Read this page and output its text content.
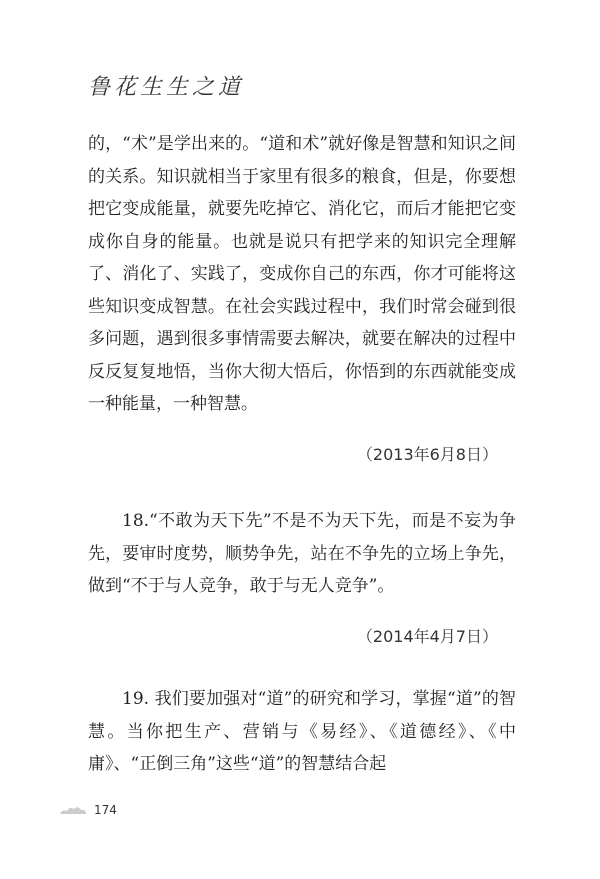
鲁花生生之道

的，“术”是学出来的。“道和术”就好像是智慧和知识之间的关系。知识就相当于家里有很多的粮食，但是，你要想把它变成能量，就要先吃掉它、消化它，而后才能把它变成你自身的能量。也就是说只有把学来的知识完全理解了、消化了、实践了，变成你自己的东西，你才可能将这些知识变成智慧。在社会实践过程中，我们时常会碰到很多问题，遇到很多事情需要去解决，就要在解决的过程中反反复复地悟，当你大彻大悟后，你悟到的东西就能变成一种能量，一种智慧。

（2013年6月8日）

18.“不敢为天下先”不是不为天下先，而是不妄为争先，要审时度势，顺势争先，站在不争先的立场上争先，做到“不于与人竞争，敢于与无人竞争”。

（2014年4月7日）

19. 我们要加强对“道”的研究和学习，掌握“道”的智慧。当你把生产、营销与《易经》、《道德经》、《中庸》、“正倒三角”这些“道”的智慧结合起

174
